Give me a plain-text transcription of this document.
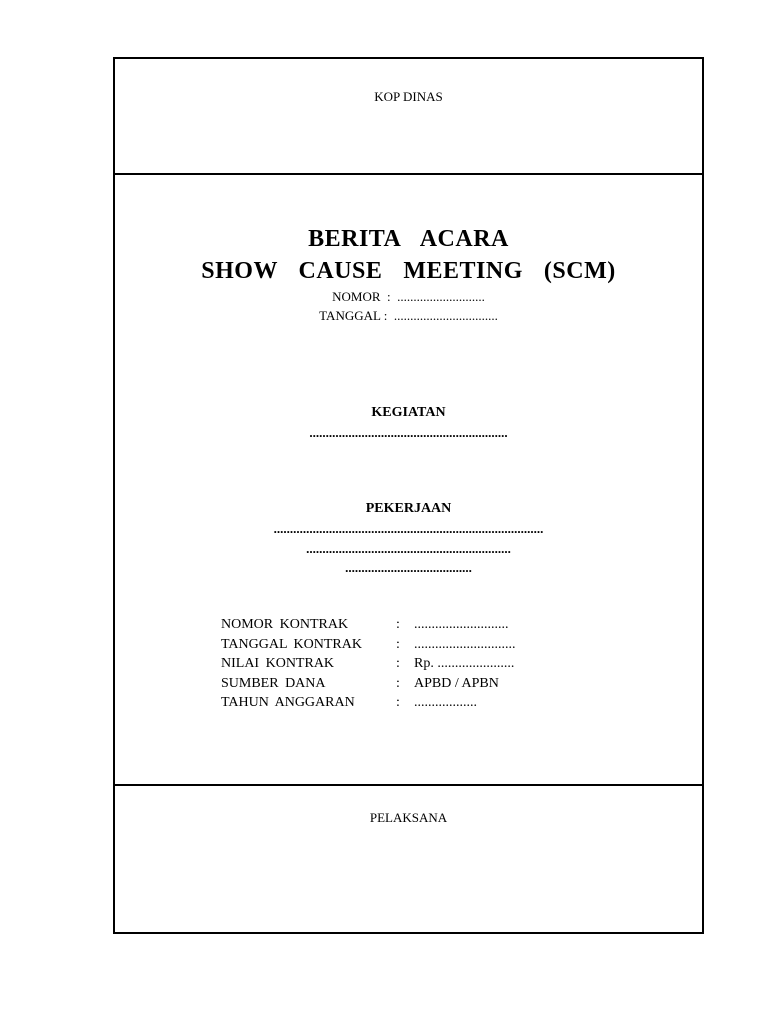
KOP DINAS
BERITA  ACARA
SHOW  CAUSE  MEETING  (SCM)
NOMOR  :  ...........................
TANGGAL :  ................................
KEGIATAN
.............................................................
PEKERJAAN
...................................................................................
...............................................................
.......................................
NOMOR KONTRAK	:	...........................
TANGGAL KONTRAK	:	.............................
NILAI KONTRAK	:	Rp. ......................
SUMBER DANA	:	APBD / APBN
TAHUN ANGGARAN	:	..................
PELAKSANA
